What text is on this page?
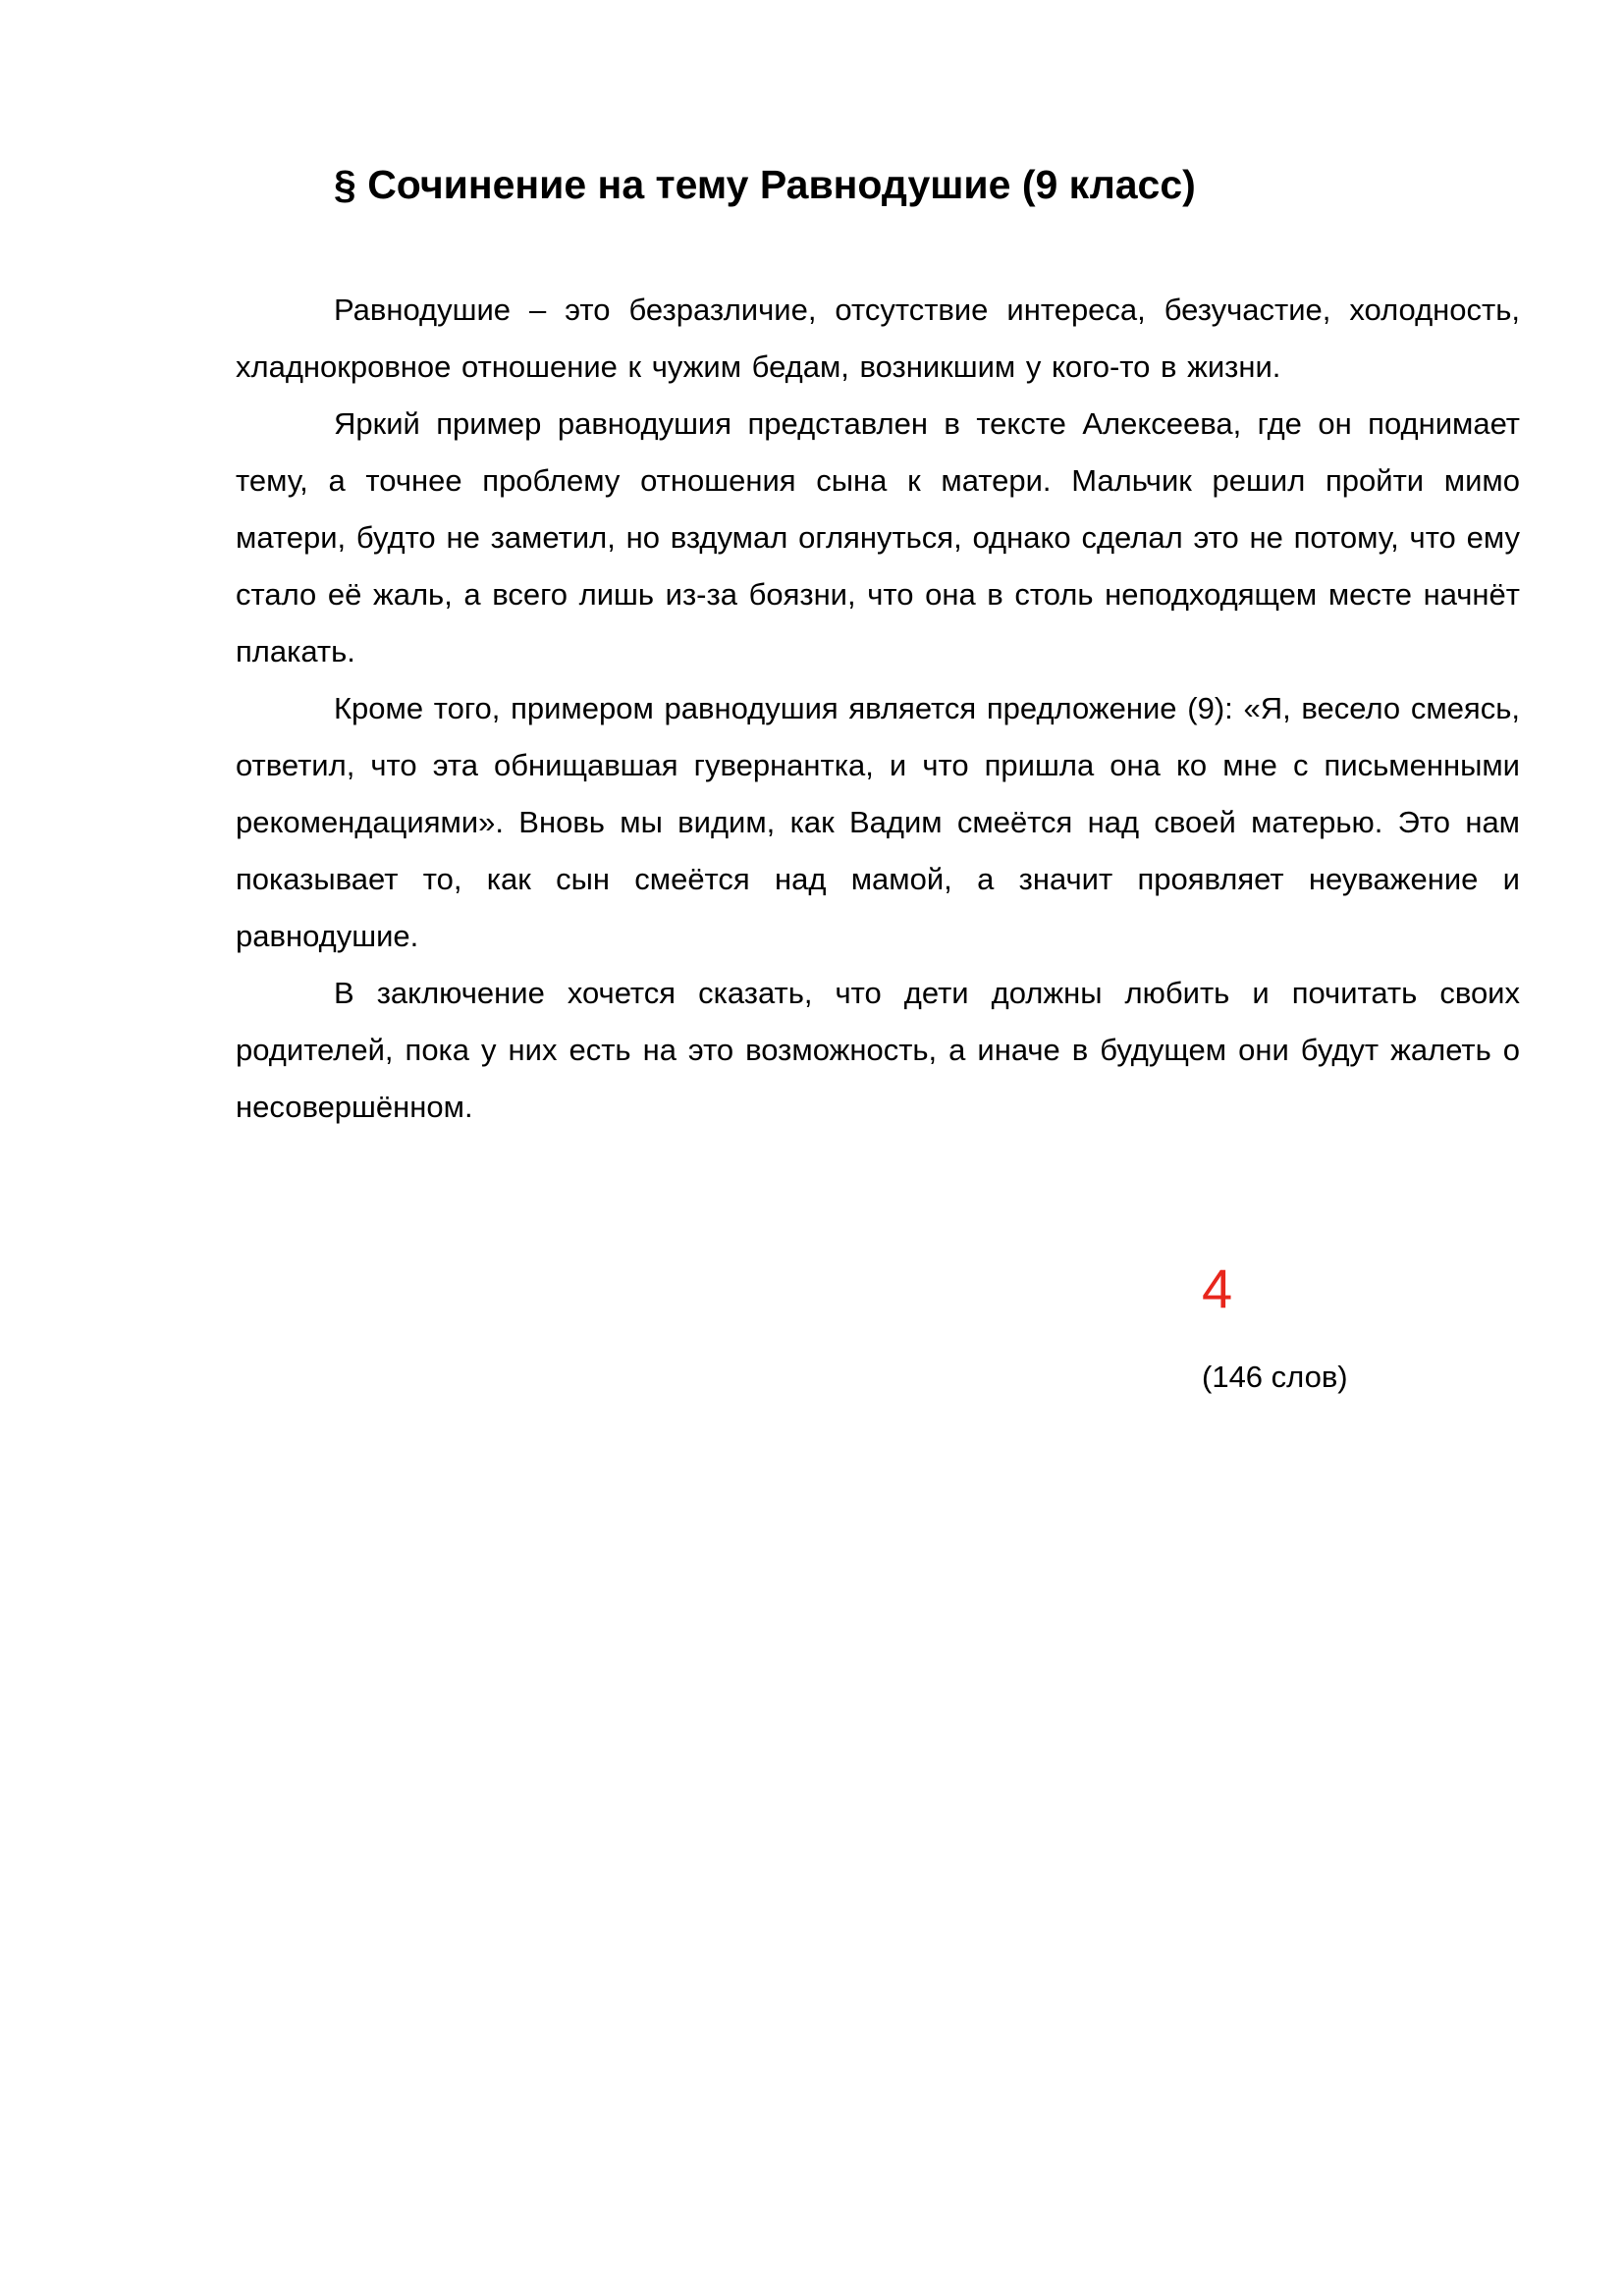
§ Сочинение на тему Равнодушие (9 класс)

Равнодушие – это безразличие, отсутствие интереса, безучастие, холодность, хладнокровное отношение к чужим бедам, возникшим у кого-то в жизни.

Яркий пример равнодушия представлен в тексте Алексеева, где он поднимает тему, а точнее проблему отношения сына к матери. Мальчик решил пройти мимо матери, будто не заметил, но вздумал оглянуться, однако сделал это не потому, что ему стало её жаль, а всего лишь из-за боязни, что она в столь неподходящем месте начнёт плакать.

Кроме того, примером равнодушия является предложение (9): «Я, весело смеясь, ответил, что эта обнищавшая гувернантка, и что пришла она ко мне с письменными рекомендациями». Вновь мы видим, как Вадим смеётся над своей матерью. Это нам показывает то, как сын смеётся над мамой, а значит проявляет неуважение и равнодушие.

В заключение хочется сказать, что дети должны любить и почитать своих родителей, пока у них есть на это возможность, а иначе в будущем они будут жалеть о несовершённом.

4
(146 слов)
